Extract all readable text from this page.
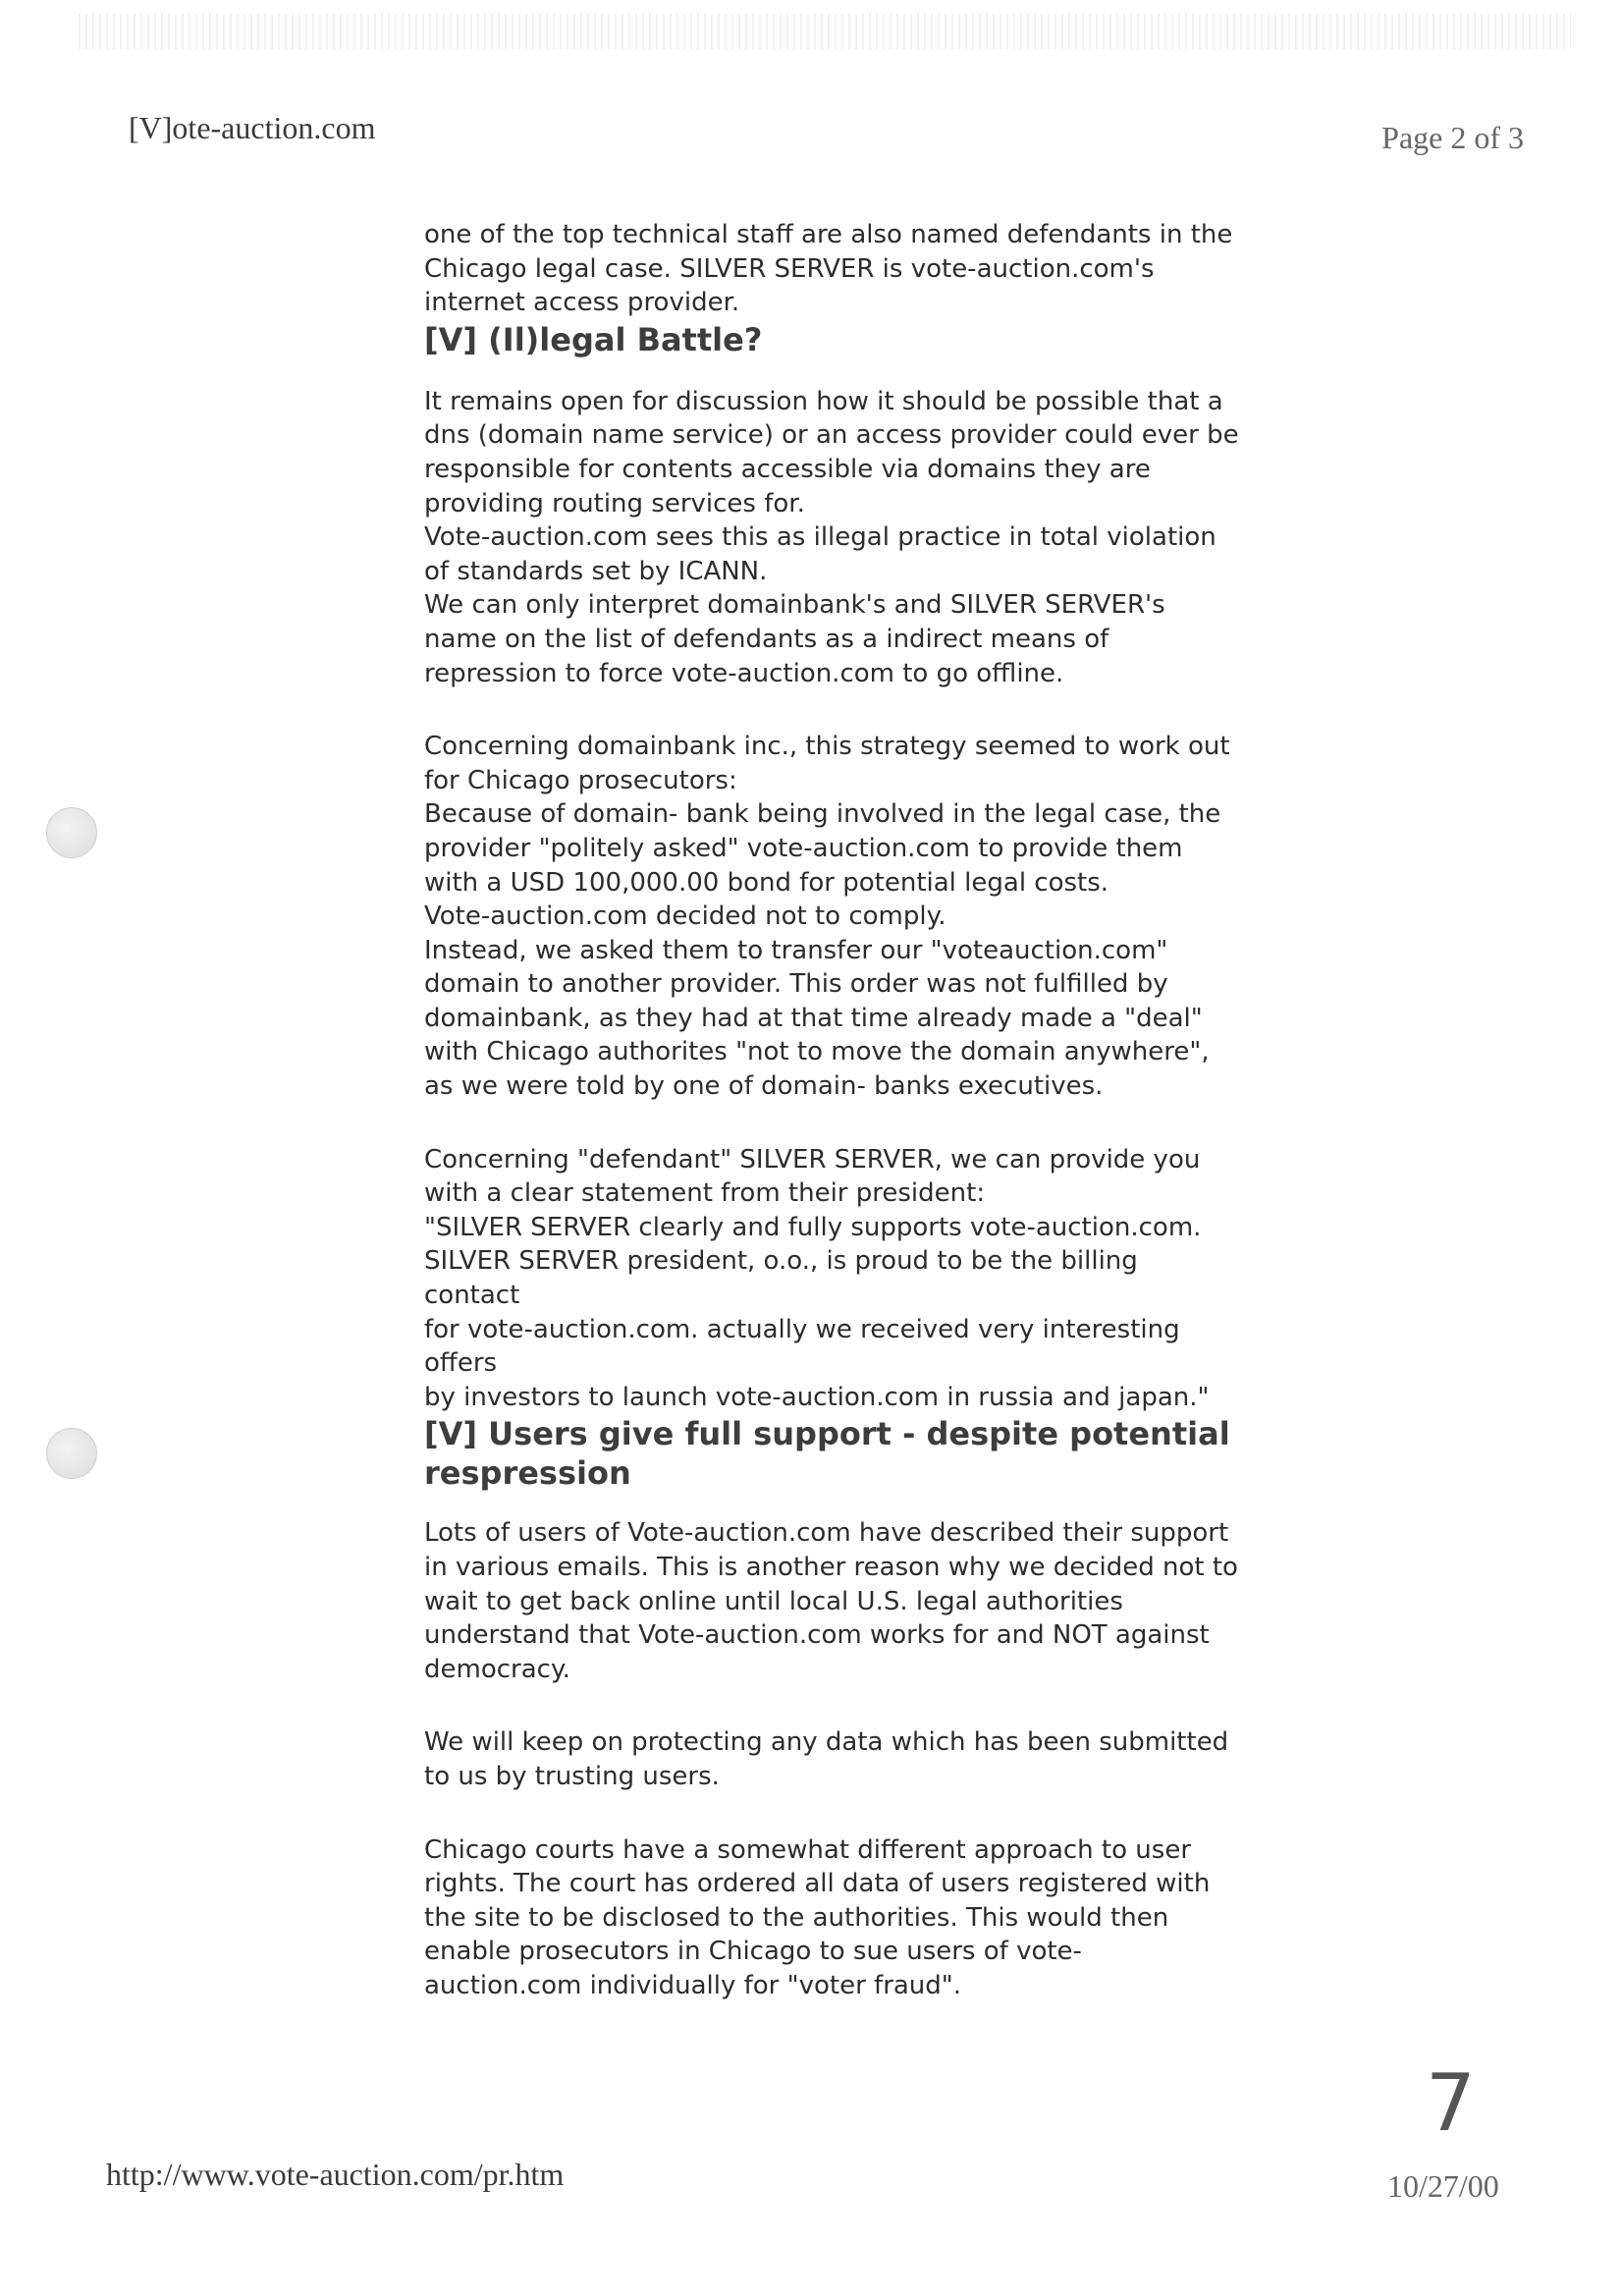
[V]ote-auction.com	Page 2 of 3

one of the top technical staff are also named defendants in the Chicago legal case. SILVER SERVER is vote-auction.com's internet access provider.

[V] (Il)legal Battle?

It remains open for discussion how it should be possible that a dns (domain name service) or an access provider could ever be responsible for contents accessible via domains they are providing routing services for.

Vote-auction.com sees this as illegal practice in total violation of standards set by ICANN.

We can only interpret domainbank's and SILVER SERVER's name on the list of defendants as a indirect means of repression to force vote-auction.com to go offline.

Concerning domainbank inc., this strategy seemed to work out for Chicago prosecutors:

Because of domain- bank being involved in the legal case, the provider "politely asked" vote-auction.com to provide them with a USD 100,000.00 bond for potential legal costs.

Vote-auction.com decided not to comply.

Instead, we asked them to transfer our "voteauction.com" domain to another provider. This order was not fulfilled by domainbank, as they had at that time already made a "deal" with Chicago authorites "not to move the domain anywhere", as we were told by one of domain- banks executives.

Concerning "defendant" SILVER SERVER, we can provide you with a clear statement from their president:

"SILVER SERVER clearly and fully supports vote-auction.com.

SILVER SERVER president, o.o., is proud to be the billing contact

for vote-auction.com. actually we received very interesting offers

by investors to launch vote-auction.com in russia and japan."

[V] Users give full support - despite potential respression

Lots of users of Vote-auction.com have described their support in various emails. This is another reason why we decided not to wait to get back online until local U.S. legal authorities understand that Vote-auction.com works for and NOT against democracy.

We will keep on protecting any data which has been submitted to us by trusting users.

Chicago courts have a somewhat different approach to user rights. The court has ordered all data of users registered with the site to be disclosed to the authorities. This would then enable prosecutors in Chicago to sue users of vote-auction.com individually for "voter fraud".

7
http://www.vote-auction.com/pr.htm	10/27/00
